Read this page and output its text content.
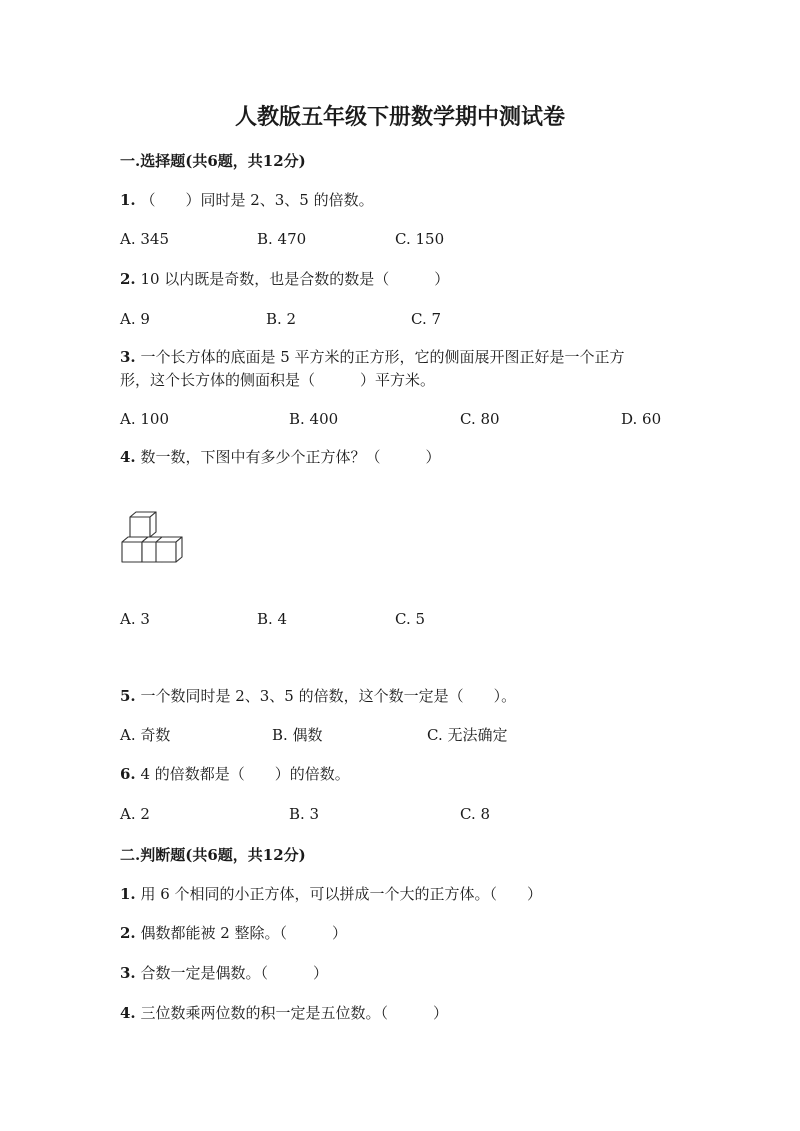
人教版五年级下册数学期中测试卷
一.选择题(共6题，共12分)
1. （　　）同时是 2、3、5 的倍数。
A. 345	B. 470	C. 150
2. 10 以内既是奇数，也是合数的数是（　　　）
A. 9	B. 2	C. 7
3. 一个长方体的底面是 5 平方米的正方形，它的侧面展开图正好是一个正方
形，这个长方体的侧面积是（　　　）平方米。
A. 100	B. 400	C. 80	D. 60
4. 数一数，下图中有多少个正方体？（　　　）
A. 3	B. 4	C. 5
5. 一个数同时是 2、3、5 的倍数，这个数一定是（　　）。
A. 奇数	B. 偶数	C. 无法确定
6. 4 的倍数都是（　　）的倍数。
A. 2	B. 3	C. 8
二.判断题(共6题，共12分)
1. 用 6 个相同的小正方体，可以拼成一个大的正方体。（　　）
2. 偶数都能被 2 整除。（　　　）
3. 合数一定是偶数。（　　　）
4. 三位数乘两位数的积一定是五位数。（　　　）
